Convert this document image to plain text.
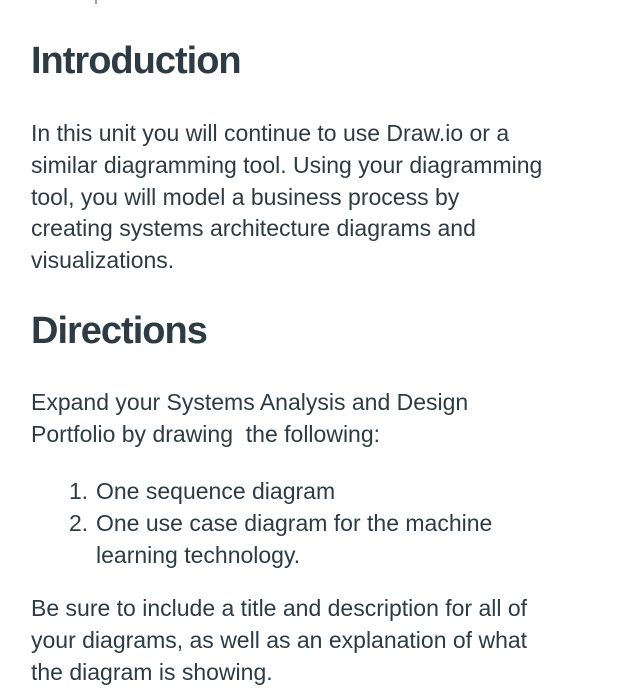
Introduction

In this unit you will continue to use Draw.io or a
similar diagramming tool. Using your diagramming
tool, you will model a business process by
creating systems architecture diagrams and
visualizations.

Directions

Expand your Systems Analysis and Design
Portfolio by drawing  the following:

1. One sequence diagram
2. One use case diagram for the machine
learning technology.

Be sure to include a title and description for all of
your diagrams, as well as an explanation of what
the diagram is showing.
